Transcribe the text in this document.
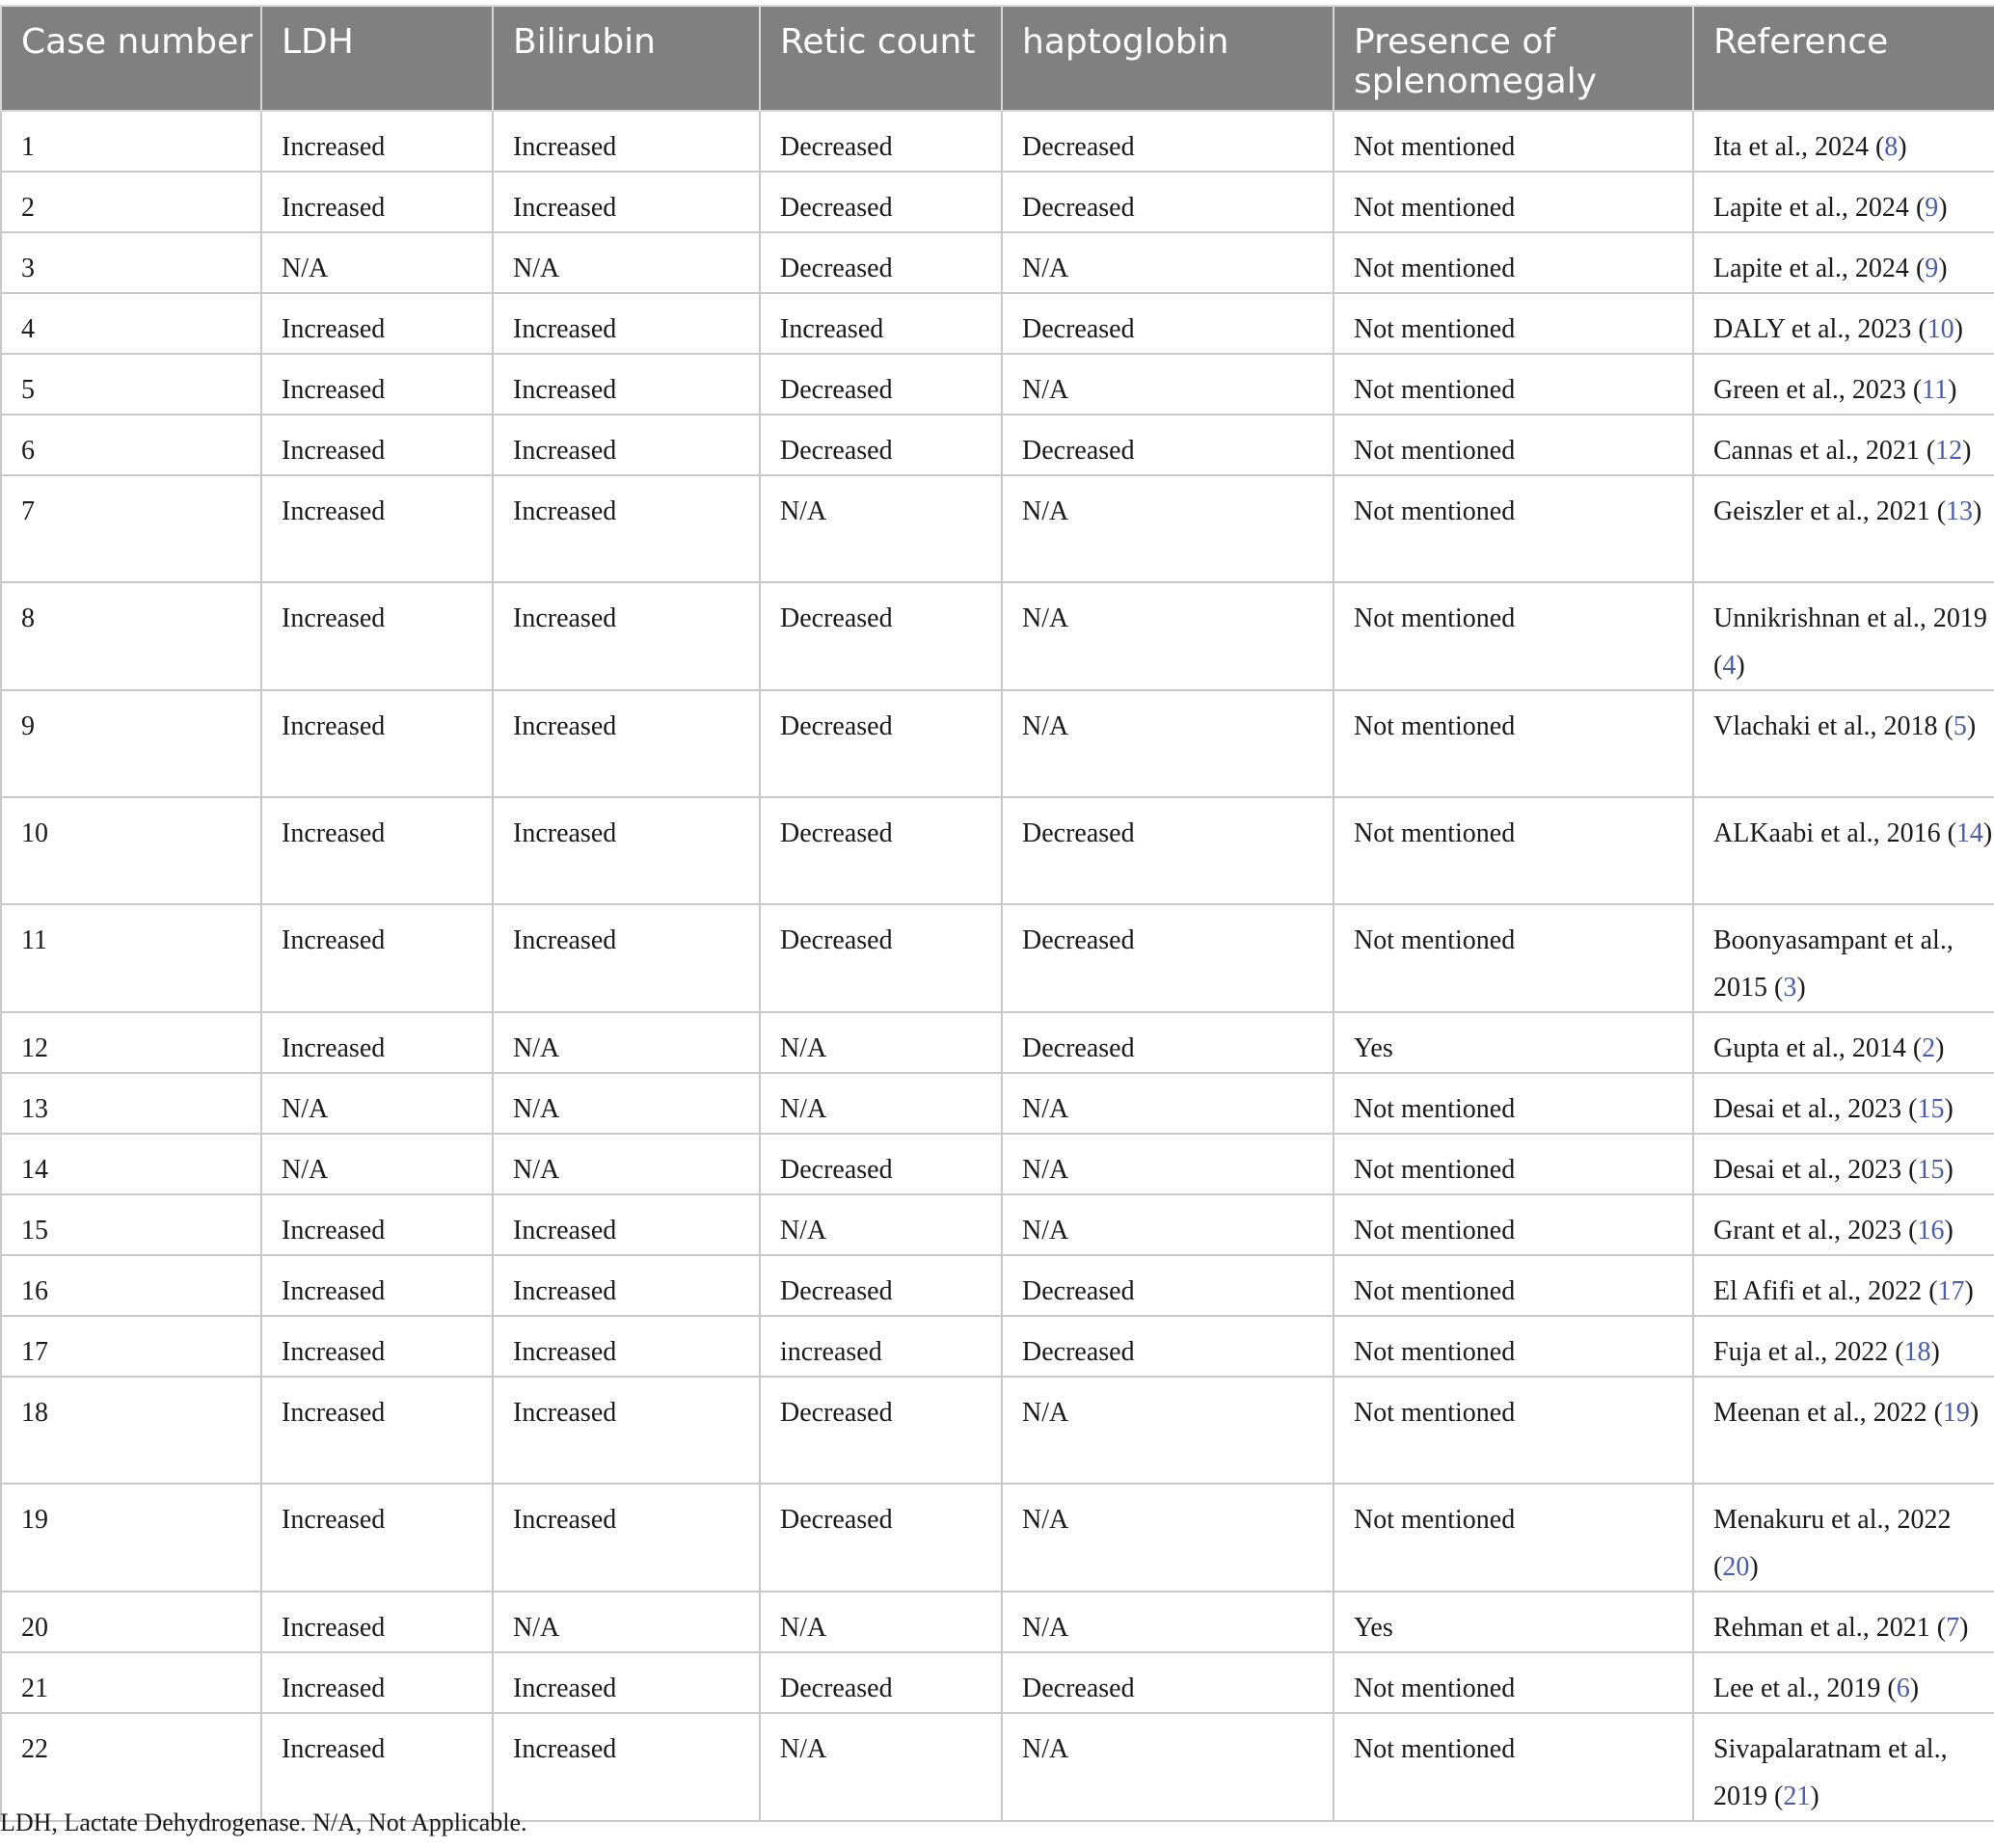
Case number	LDH	Bilirubin	Retic count	haptoglobin	Presence of splenomegaly	Reference
1	Increased	Increased	Decreased	Decreased	Not mentioned	Ita et al., 2024 (8)
2	Increased	Increased	Decreased	Decreased	Not mentioned	Lapite et al., 2024 (9)
3	N/A	N/A	Decreased	N/A	Not mentioned	Lapite et al., 2024 (9)
4	Increased	Increased	Increased	Decreased	Not mentioned	DALY et al., 2023 (10)
5	Increased	Increased	Decreased	N/A	Not mentioned	Green et al., 2023 (11)
6	Increased	Increased	Decreased	Decreased	Not mentioned	Cannas et al., 2021 (12)
7	Increased	Increased	N/A	N/A	Not mentioned	Geiszler et al., 2021 (13)
8	Increased	Increased	Decreased	N/A	Not mentioned	Unnikrishnan et al., 2019 (4)
9	Increased	Increased	Decreased	N/A	Not mentioned	Vlachaki et al., 2018 (5)
10	Increased	Increased	Decreased	Decreased	Not mentioned	ALKaabi et al., 2016 (14)
11	Increased	Increased	Decreased	Decreased	Not mentioned	Boonyasampant et al., 2015 (3)
12	Increased	N/A	N/A	Decreased	Yes	Gupta et al., 2014 (2)
13	N/A	N/A	N/A	N/A	Not mentioned	Desai et al., 2023 (15)
14	N/A	N/A	Decreased	N/A	Not mentioned	Desai et al., 2023 (15)
15	Increased	Increased	N/A	N/A	Not mentioned	Grant et al., 2023 (16)
16	Increased	Increased	Decreased	Decreased	Not mentioned	El Afifi et al., 2022 (17)
17	Increased	Increased	increased	Decreased	Not mentioned	Fuja et al., 2022 (18)
18	Increased	Increased	Decreased	N/A	Not mentioned	Meenan et al., 2022 (19)
19	Increased	Increased	Decreased	N/A	Not mentioned	Menakuru et al., 2022 (20)
20	Increased	N/A	N/A	N/A	Yes	Rehman et al., 2021 (7)
21	Increased	Increased	Decreased	Decreased	Not mentioned	Lee et al., 2019 (6)
22	Increased	Increased	N/A	N/A	Not mentioned	Sivapalaratnam et al., 2019 (21)
LDH, Lactate Dehydrogenase. N/A, Not Applicable.
